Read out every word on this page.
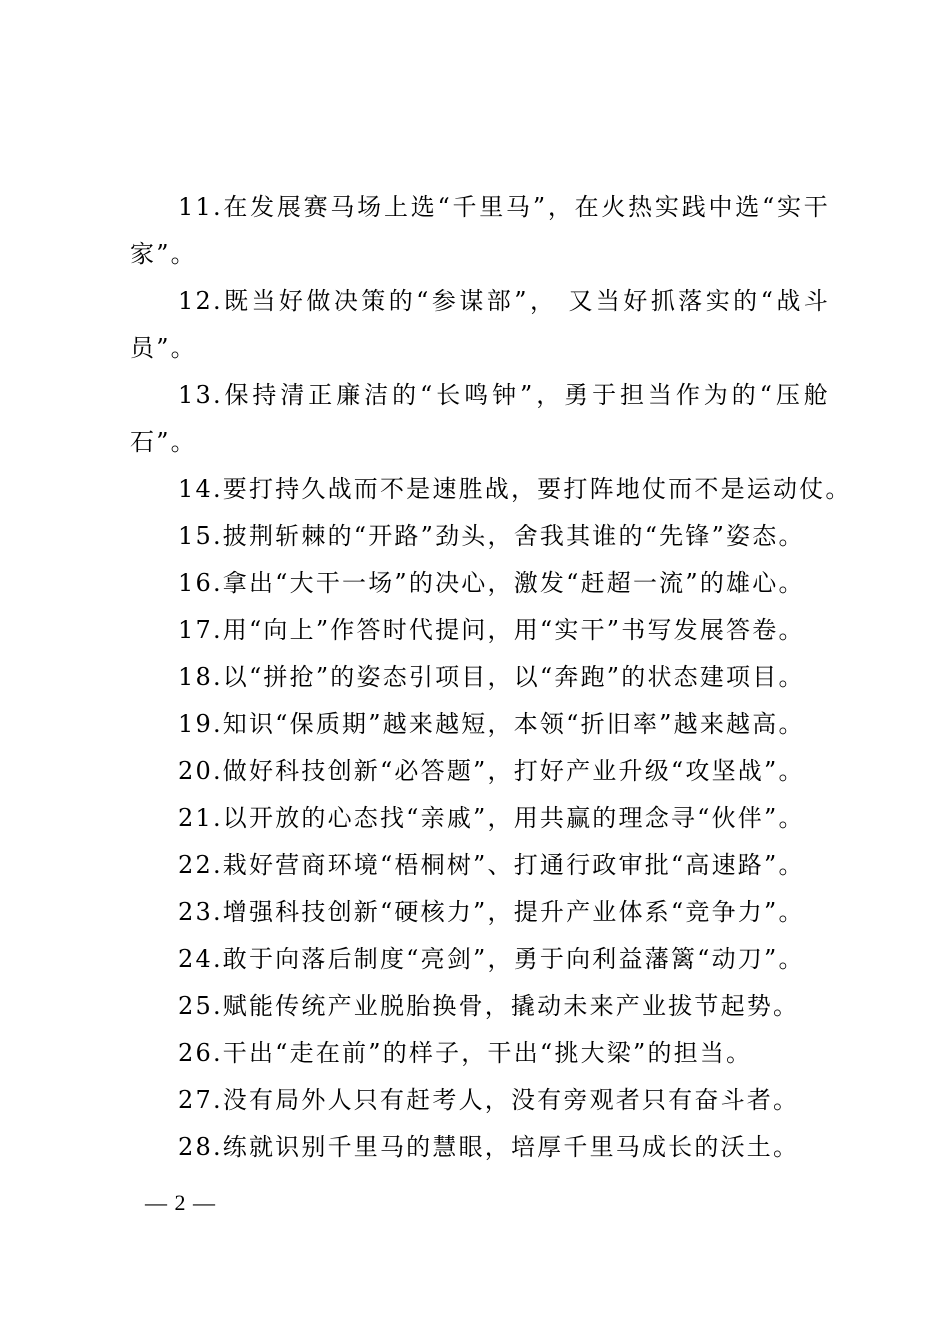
11.在发展赛马场上选“千里马”，在火热实践中选“实干家”。

12.既当好做决策的“参谋部”， 又当好抓落实的“战斗员”。

13.保持清正廉洁的“长鸣钟”，勇于担当作为的“压舱石”。

14.要打持久战而不是速胜战，要打阵地仗而不是运动仗。

15.披荆斩棘的“开路”劲头，舍我其谁的“先锋”姿态。

16.拿出“大干一场”的决心，激发“赶超一流”的雄心。

17.用“向上”作答时代提问，用“实干”书写发展答卷。

18.以“拼抢”的姿态引项目，以“奔跑”的状态建项目。

19.知识“保质期”越来越短，本领“折旧率”越来越高。

20.做好科技创新“必答题”，打好产业升级“攻坚战”。

21.以开放的心态找“亲戚”，用共赢的理念寻“伙伴”。

22.栽好营商环境“梧桐树”、打通行政审批“高速路”。

23.增强科技创新“硬核力”，提升产业体系“竞争力”。

24.敢于向落后制度“亮剑”，勇于向利益藩篱“动刀”。

25.赋能传统产业脱胎换骨，撬动未来产业拔节起势。

26.干出“走在前”的样子，干出“挑大梁”的担当。

27.没有局外人只有赶考人，没有旁观者只有奋斗者。

28.练就识别千里马的慧眼，培厚千里马成长的沃土。

— 2 —
